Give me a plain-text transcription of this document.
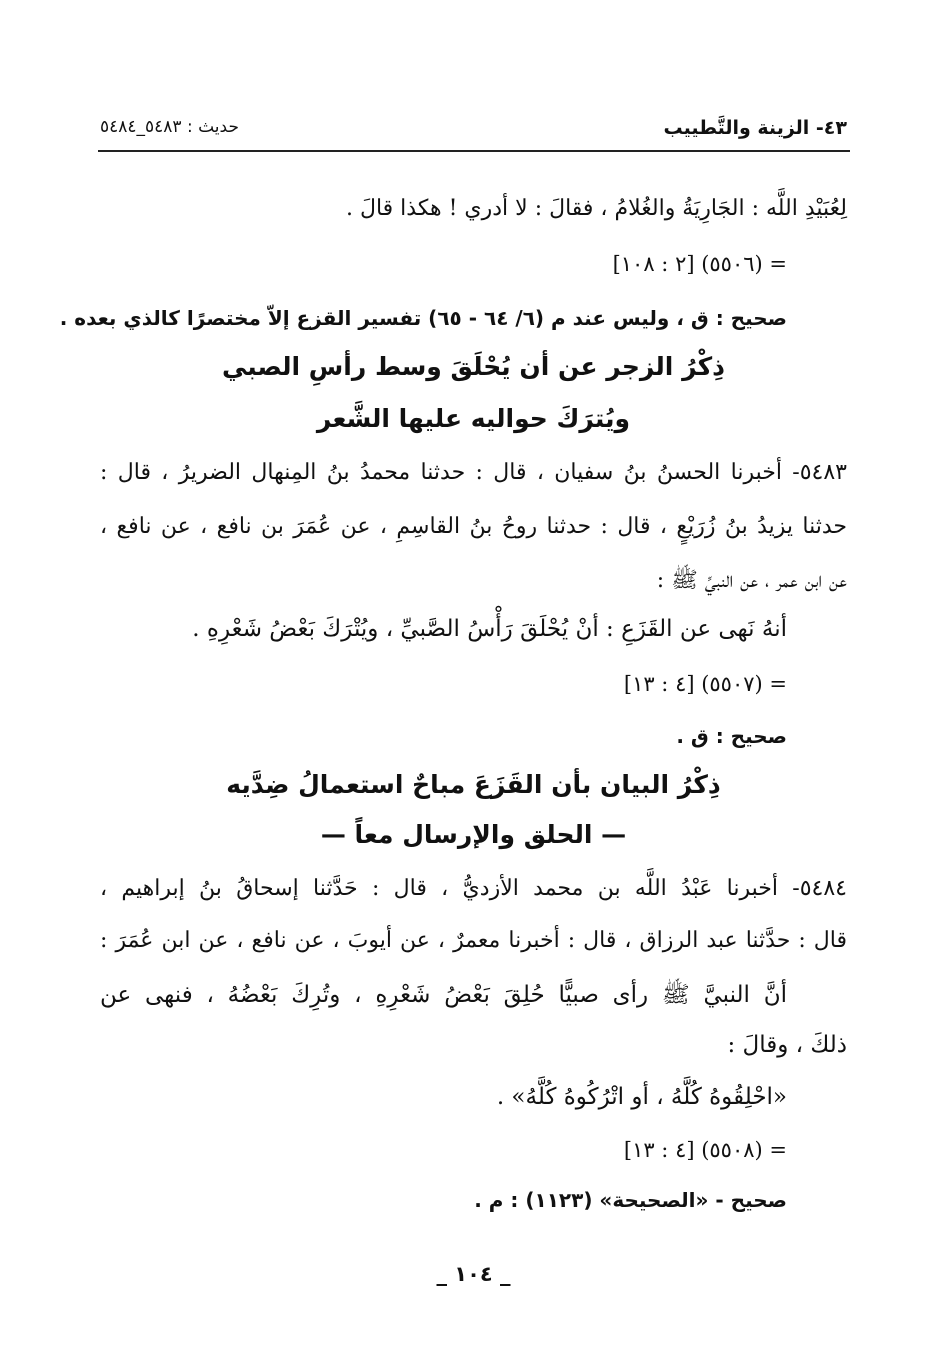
حديث : ٥٤٨٣_٥٤٨٤	٤٣- الزينة والتَّطييب
لِعُبَيْدِ اللَّه : الجَارِيَةُ والغُلامُ ، فقالَ : لا أدري ! هكذا قالَ .
= (٥٥٠٦) [٢ : ١٠٨]
صحيح : ق ، وليس عند م (٦/ ٦٤ - ٦٥) تفسير القزع إلاّ مختصرًا كالذي بعده .
ذِكْرُ الزجر عن أن يُحْلَقَ وسط رأسِ الصبي
ويُترَكَ حواليه عليها الشَّعر
٥٤٨٣- أخبرنا الحسنُ بنُ سفيان ، قال : حدثنا محمدُ بنُ المِنهال الضريرُ ، قال :
حدثنا يزيدُ بنُ زُرَيْعٍ ، قال : حدثنا روحُ بنُ القاسِمِ ، عن عُمَرَ بن نافع ، عن نافع ،
عن ابن عمر ، عن النبيِّ ﷺ :
أنهُ نَهى عن القَزَعِ : أنْ يُحْلَقَ رَأْسُ الصَّبيِّ ، ويُتْرَكَ بَعْضُ شَعْرِهِ .
= (٥٥٠٧) [٤ : ١٣]
صحيح : ق .
ذِكْرُ البيان بأن القَزَعَ مباحٌ استعمالُ ضِدَّيه
— الحلق والإرسال معاً —
٥٤٨٤- أخبرنا عَبْدُ اللَّه بن محمد الأزديُّ ، قال : حَدَّثنا إسحاقُ بنُ إبراهيم ،
قال : حدَّثنا عبد الرزاق ، قال : أخبرنا معمرٌ ، عن أيوبَ ، عن نافع ، عن ابن عُمَرَ :
أنَّ النبيَّ ﷺ رأى صبيًّا حُلِقَ بَعْضُ شَعْرِهِ ، وتُرِكَ بَعْضُهُ ، فنهى عن
ذلكَ ، وقالَ :
«احْلِقُوهُ كُلَّهُ ، أو اتْرُكُوهُ كُلَّهُ» .
= (٥٥٠٨) [٤ : ١٣]
صحيح - «الصحيحة» (١١٢٣) : م .
_ ١٠٤ _
